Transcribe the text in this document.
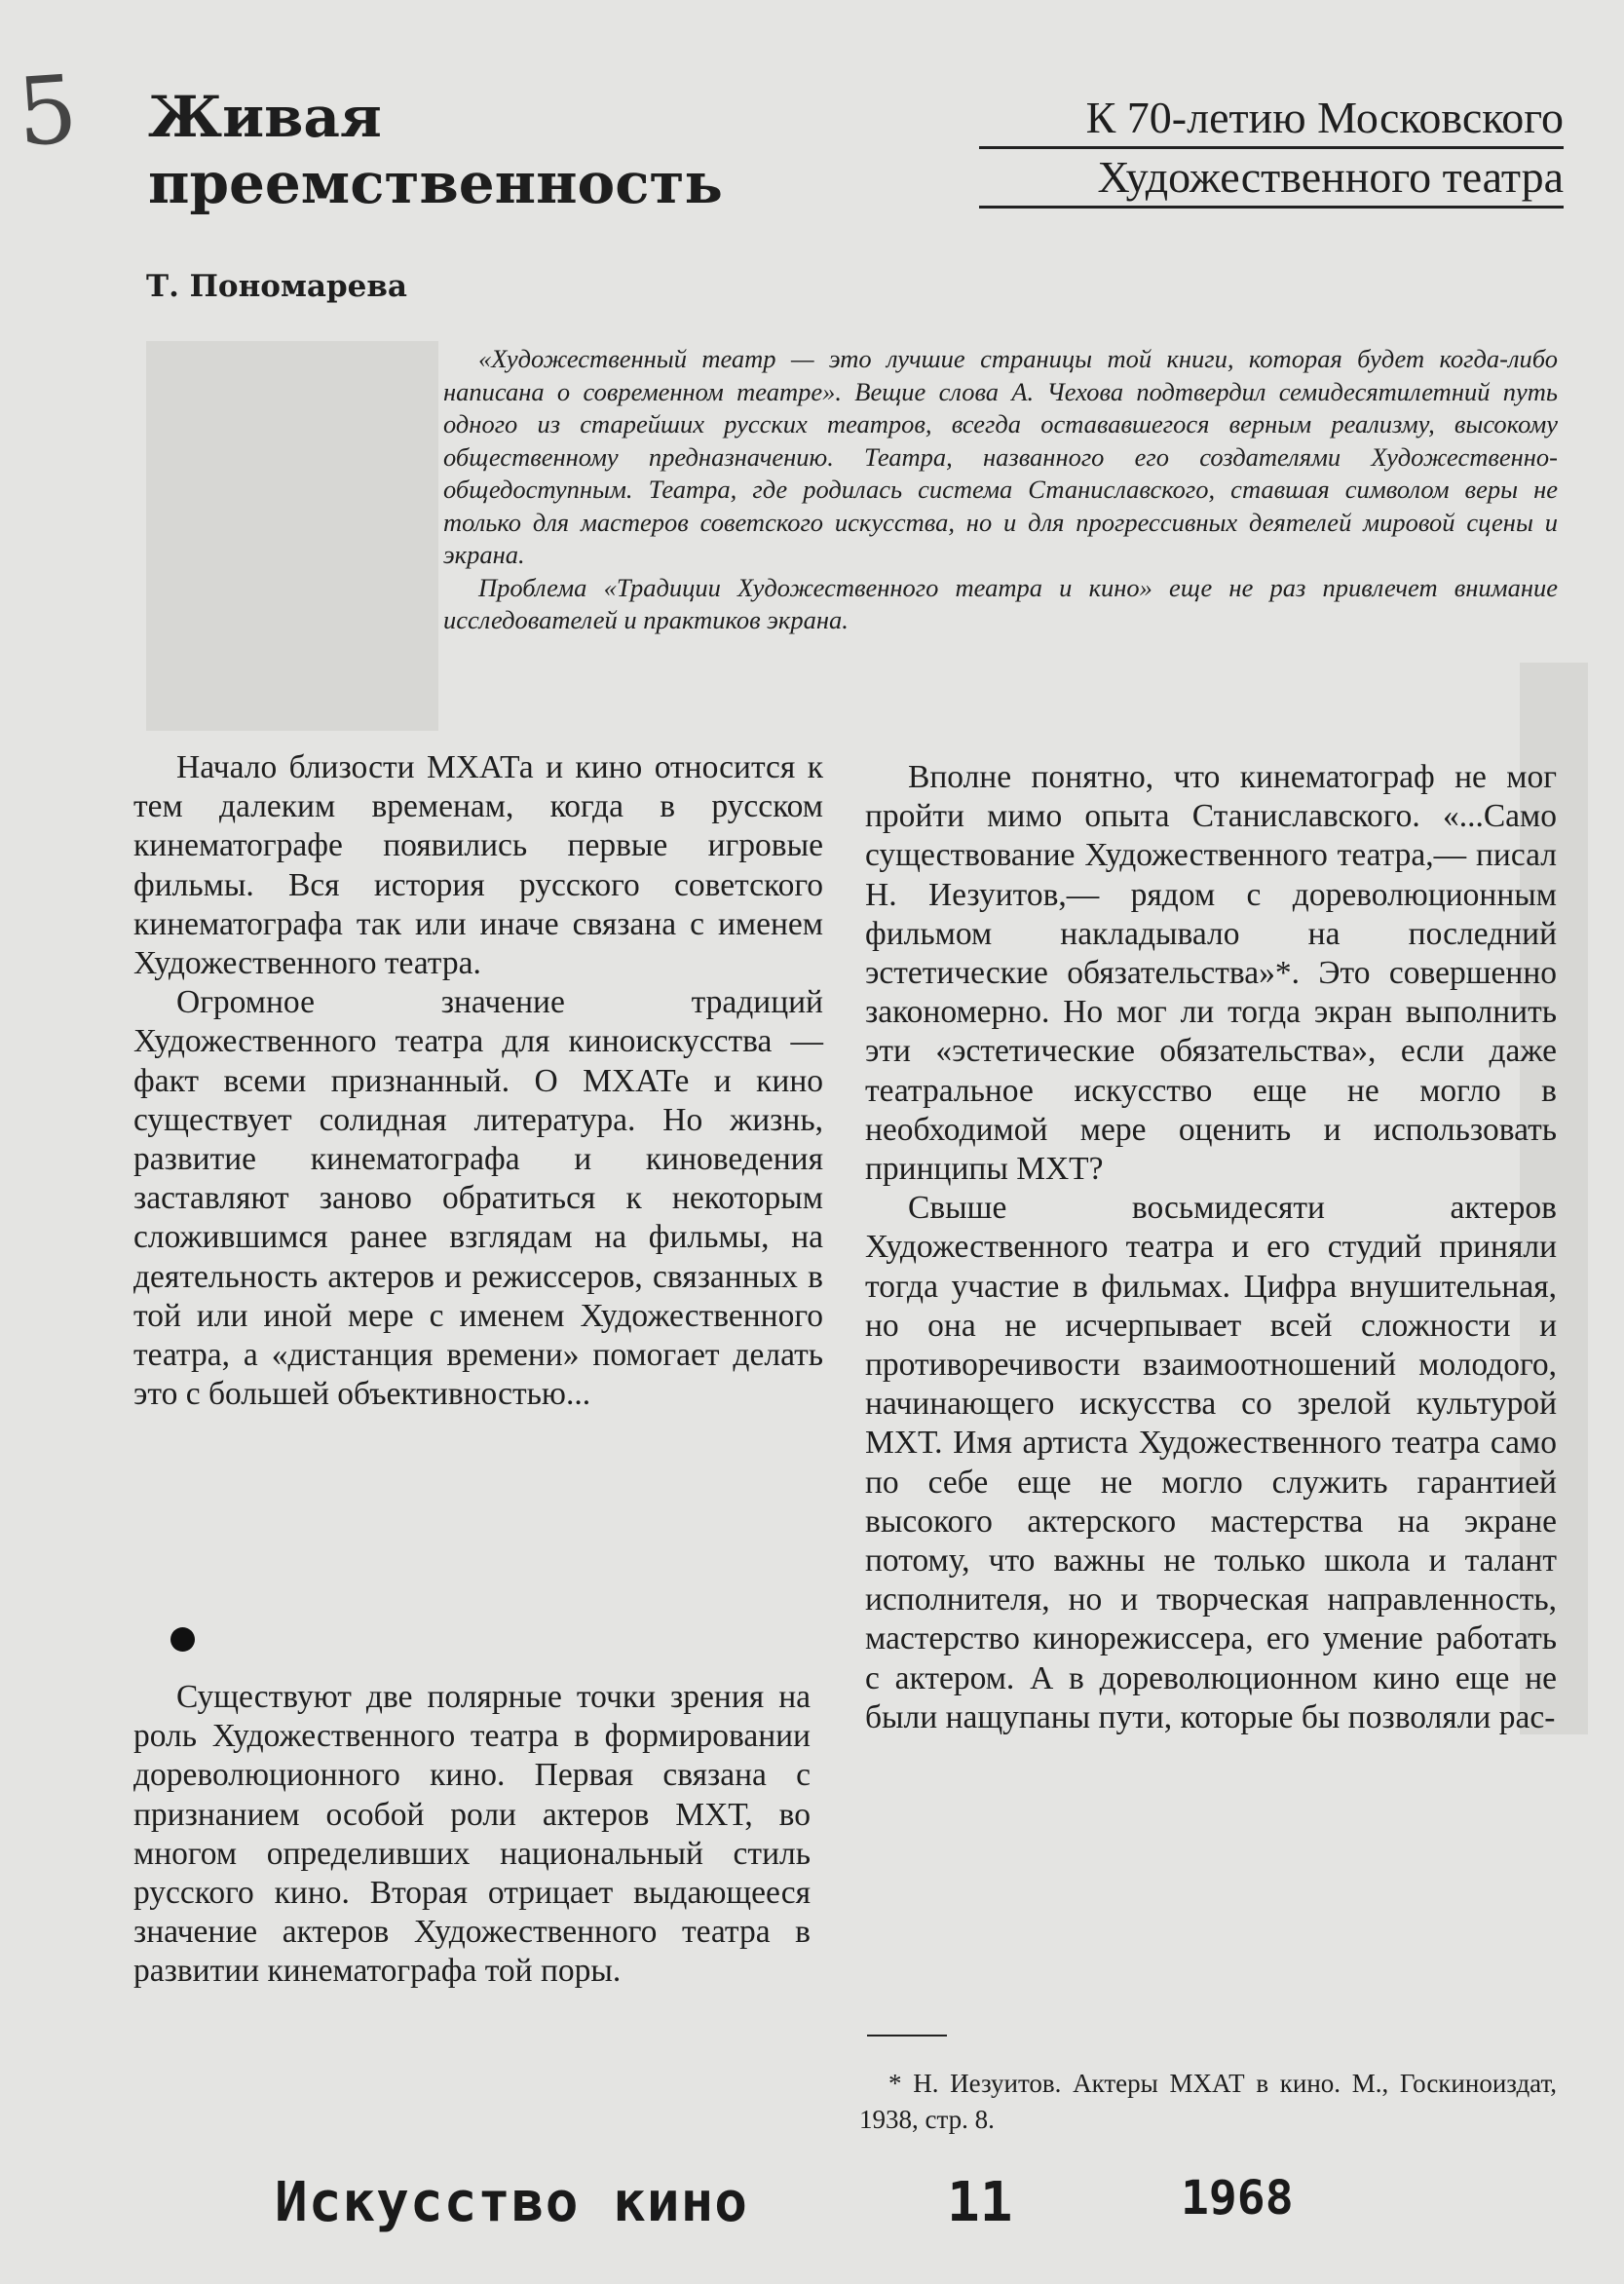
5 Живая
преемственность
К 70-летию Московского
Художественного театра
Т. Пономарева

«Художественный театр — это лучшие страницы той книги, которая будет когда-либо написана о современном театре». Вещие слова А. Чехова подтвердил семидесятилетний путь одного из старейших русских театров, всегда остававшегося верным реализму, высокому общественному предназначению. Театра, названного его создателями Художественно-общедоступным. Театра, где родилась система Станиславского, ставшая символом веры не только для мастеров советского искусства, но и для прогрессивных деятелей мировой сцены и экрана.

Проблема «Традиции Художественного театра и кино» еще не раз привлечет внимание исследователей и практиков экрана.

Начало близости МХАТа и кино относится к тем далеким временам, когда в русском кинематографе появились первые игровые фильмы. Вся история русского советского кинематографа так или иначе связана с именем Художественного театра.

Огромное значение традиций Художественного театра для киноискусства — факт всеми признанный. О МХАТе и кино существует солидная литература. Но жизнь, развитие кинематографа и киноведения заставляют заново обратиться к некоторым сложившимся ранее взглядам на фильмы, на деятельность актеров и режиссеров, связанных в той или иной мере с именем Художественного театра, а «дистанция времени» помогает делать это с большей объективностью...

Существуют две полярные точки зрения на роль Художественного театра в формировании дореволюционного кино. Первая связана с признанием особой роли актеров МХТ, во многом определивших национальный стиль русского кино. Вторая отрицает выдающееся значение актеров Художественного театра в развитии кинематографа той поры.

Вполне понятно, что кинематограф не мог пройти мимо опыта Станиславского. «...Само существование Художественного театра,— писал Н. Иезуитов,— рядом с дореволюционным фильмом накладывало на последний эстетические обязательства»*. Это совершенно закономерно. Но мог ли тогда экран выполнить эти «эстетические обязательства», если даже театральное искусство еще не могло в необходимой мере оценить и использовать принципы МХТ?

Свыше восьмидесяти актеров Художественного театра и его студий приняли тогда участие в фильмах. Цифра внушительная, но она не исчерпывает всей сложности и противоречивости взаимоотношений молодого, начинающего искусства со зрелой культурой МХТ. Имя артиста Художественного театра само по себе еще не могло служить гарантией высокого актерского мастерства на экране потому, что важны не только школа и талант исполнителя, но и творческая направленность, мастерство кинорежиссера, его умение работать с актером. А в дореволюционном кино еще не были нащупаны пути, которые бы позволяли рас-

* Н. Иезуитов. Актеры МХАТ в кино. М., Госкиноиздат, 1938, стр. 8.

Искусство кино	11	1968
